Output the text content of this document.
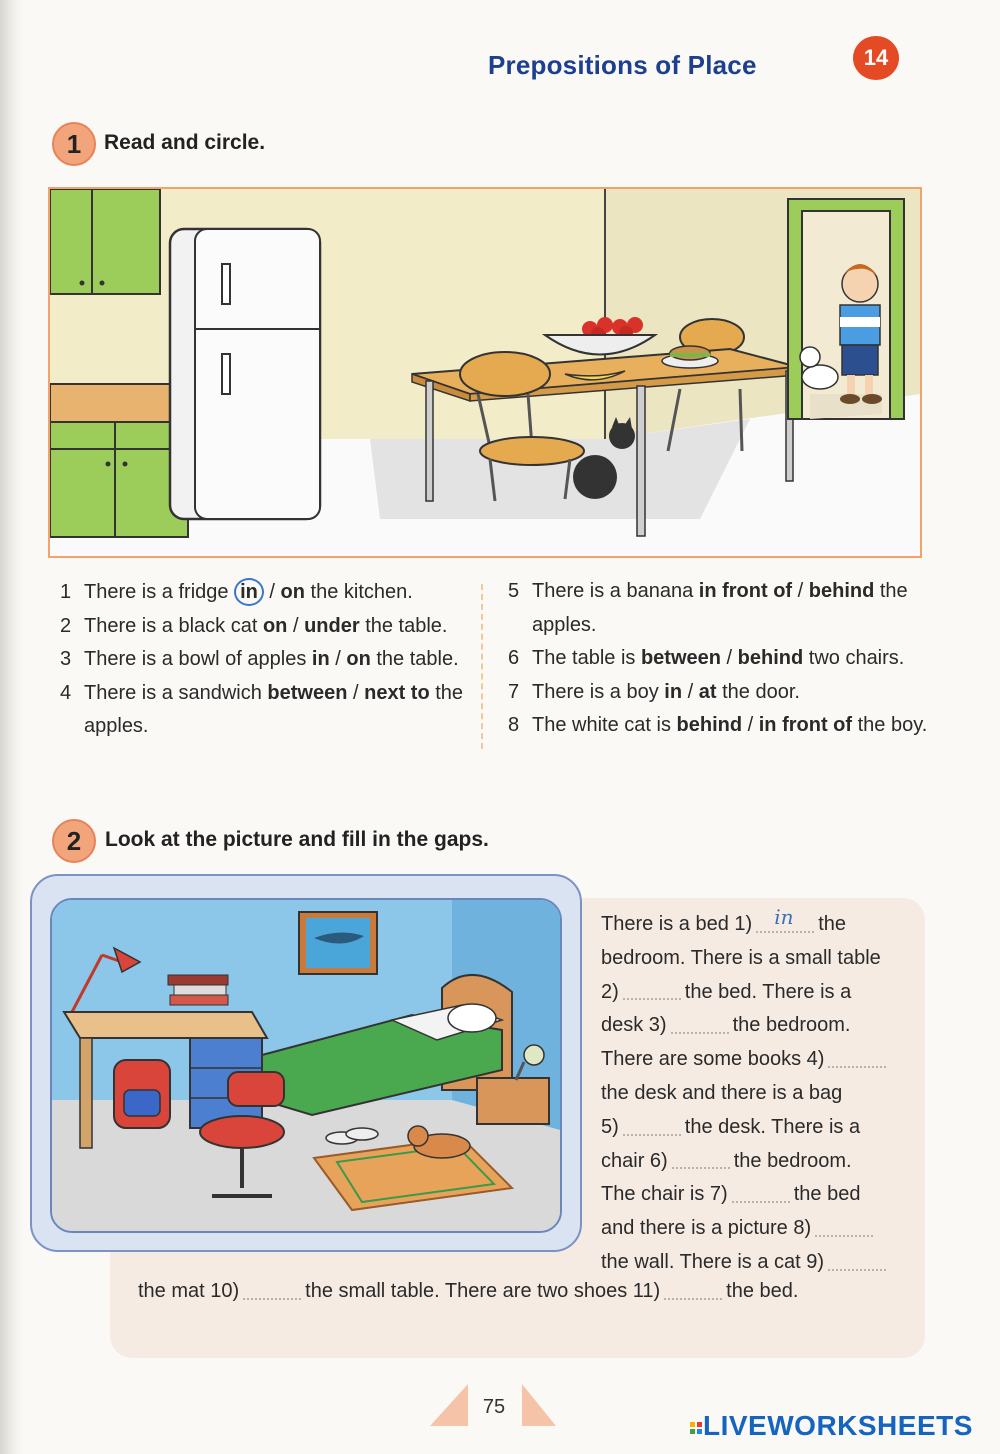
Prepositions of Place	14
1	Read and circle.
1 There is a fridge in / on the kitchen.
2 There is a black cat on / under the table.
3 There is a bowl of apples in / on the table.
4 There is a sandwich between / next to the
apples.
5 There is a banana in front of / behind the
apples.
6 The table is between / behind two chairs.
7 There is a boy in / at the door.
8 The white cat is behind / in front of the boy.
2	Look at the picture and fill in the gaps.
There is a bed 1) in the
bedroom. There is a small table
2)	the bed. There is a
desk 3)	the bedroom.
There are some books 4)
the desk and there is a bag
5)	the desk. There is a
chair 6)	the bedroom.
The chair is 7)	the bed
and there is a picture 8)
the wall. There is a cat 9)
the mat 10)	the small table. There are two shoes 11)	the bed.
75
LIVEWORKSHEETS
